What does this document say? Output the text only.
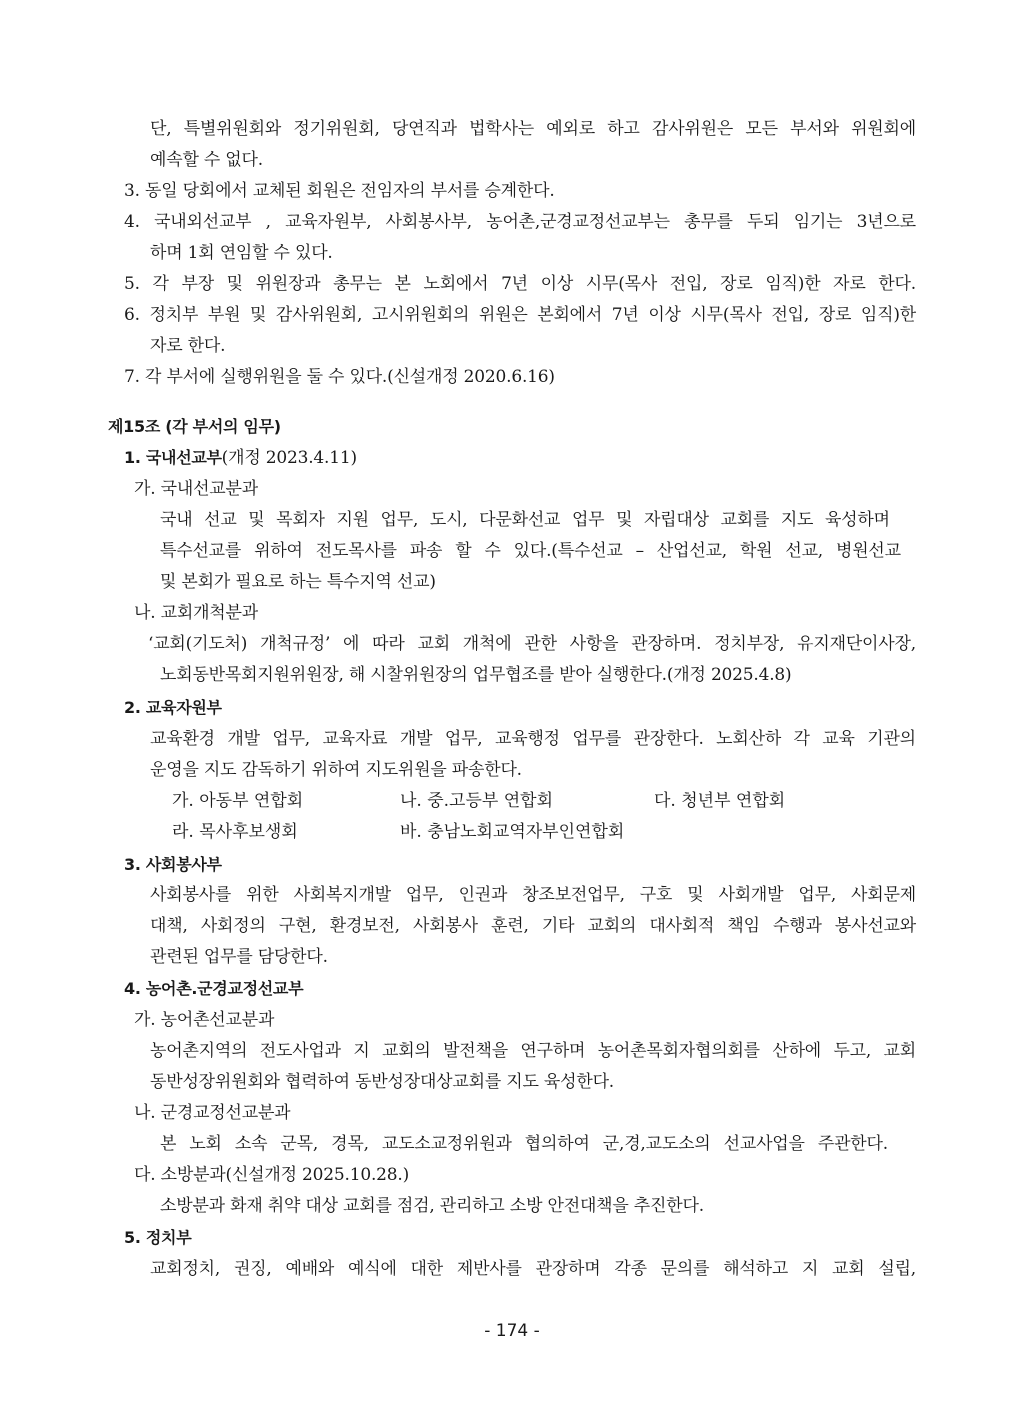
단, 특별위원회와 정기위원회, 당연직과 법학사는 예외로 하고 감사위원은 모든 부서와 위원회에
예속할 수 없다.
3. 동일 당회에서 교체된 회원은 전임자의 부서를 승계한다.
4. 국내외선교부 , 교육자원부, 사회봉사부, 농어촌,군경교정선교부는 총무를 두되 임기는 3년으로
하며 1회 연임할 수 있다.
5. 각 부장 및 위원장과 총무는 본 노회에서 7년 이상 시무(목사 전입, 장로 임직)한 자로 한다.
6. 정치부 부원 및 감사위원회, 고시위원회의 위원은 본회에서 7년 이상 시무(목사 전입, 장로 임직)한
자로 한다.
7. 각 부서에 실행위원을 둘 수 있다.(신설개정 2020.6.16)
제15조 (각 부서의 임무)
1. 국내선교부(개정 2023.4.11)
가. 국내선교분과
국내 선교 및 목회자 지원 업무, 도시, 다문화선교 업무 및 자립대상 교회를 지도 육성하며
특수선교를 위하여 전도목사를 파송 할 수 있다.(특수선교 – 산업선교, 학원 선교, 병원선교
및 본회가 필요로 하는 특수지역 선교)
나. 교회개척분과
‘교회(기도처) 개척규정’ 에 따라 교회 개척에 관한 사항을 관장하며. 정치부장, 유지재단이사장,
노회동반목회지원위원장, 해 시찰위원장의 업무협조를 받아 실행한다.(개정 2025.4.8)
2. 교육자원부
교육환경 개발 업무, 교육자료 개발 업무, 교육행정 업무를 관장한다. 노회산하 각 교육 기관의
운영을 지도 감독하기 위하여 지도위원을 파송한다.
가. 아동부 연합회	나. 중.고등부 연합회	다. 청년부 연합회
라. 목사후보생회	바. 충남노회교역자부인연합회
3. 사회봉사부
사회봉사를 위한 사회복지개발 업무, 인권과 창조보전업무, 구호 및 사회개발 업무, 사회문제
대책, 사회정의 구현, 환경보전, 사회봉사 훈련, 기타 교회의 대사회적 책임 수행과 봉사선교와
관련된 업무를 담당한다.
4. 농어촌.군경교정선교부
가. 농어촌선교분과
농어촌지역의 전도사업과 지 교회의 발전책을 연구하며 농어촌목회자협의회를 산하에 두고, 교회
동반성장위원회와 협력하여 동반성장대상교회를 지도 육성한다.
나. 군경교정선교분과
본 노회 소속 군목, 경목, 교도소교정위원과 협의하여 군,경,교도소의 선교사업을 주관한다.
다. 소방분과(신설개정 2025.10.28.)
소방분과 화재 취약 대상 교회를 점검, 관리하고 소방 안전대책을 추진한다.
5. 정치부
교회정치, 권징, 예배와 예식에 대한 제반사를 관장하며 각종 문의를 해석하고 지 교회 설립,
- 174 -
